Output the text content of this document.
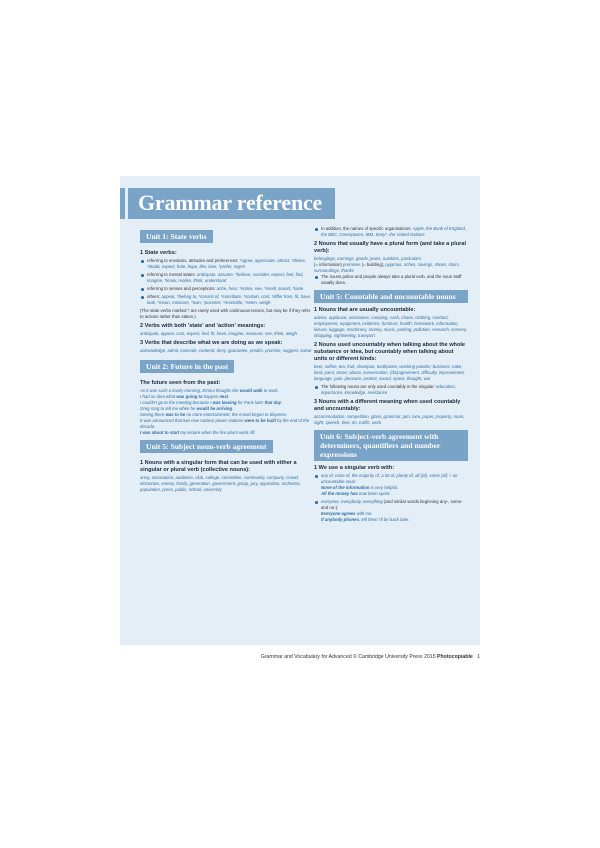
Grammar reference
Unit 1: State verbs
1 State verbs:
referring to emotions, attitudes and preferences: *agree, appreciate, attract, *desire, *doubt, expect, hate, hope, like, love, *prefer, regret
referring to mental states: anticipate, assume, *believe, consider, expect, feel, find, imagine, *know, realise, think, understand
referring to senses and perceptions: ache, hear, *notice, see, *smell, sound, *taste
others: appear, *belong to, *consist of, *constitute, *contain, cost, *differ from, fit, have, look, *mean, measure, *own, *possess, *resemble, *seem, weigh

(The state verbs marked * are rarely used with continuous tenses, but may be if they refer to actions rather than states.)

2 Verbs with both 'state' and 'action' meanings:

anticipate, appear, cost, expect, feel, fit, have, imagine, measure, see, think, weigh

3 Verbs that describe what we are doing as we speak:

acknowledge, admit, concede, contend, deny, guarantee, predict, promise, suggest, swear

Unit 2: Future in the past
The future seen from the past:

As it was such a lovely morning, Emma thought she would walk to work.

I had no idea what was going to happen next.

I couldn't go to the meeting because I was leaving for Paris later that day.

Greg rang to tell me when he would be arriving.

Seeing there was to be no more entertainment, the crowd began to disperse.

It was announced that two new nuclear power stations were to be built by the end of the decade.

I was about to start my lecture when the fire alarm went off.

Unit 5: Subject noun-verb agreement
1 Nouns with a singular form that can be used with either a singular or plural verb (collective nouns):

army, association, audience, club, college, committee, community, company, crowd, electorate, enemy, family, generation, government, group, jury, opposition, orchestra, population, press, public, school, university

In addition, the names of specific organisations: Apple, the Bank of England, the BBC, Greenpeace, IBM, Sony*, the United Nations
2 Nouns that usually have a plural form (and take a plural verb):

belongings, earnings, goods, jeans, outskirts, particulars
(= information) premises (= building), pyjamas, riches, savings, shoes, stairs, surroundings, thanks

The nouns police and people always take a plural verb, and the noun staff usually does.
Unit 5: Countable and uncountable nouns
1 Nouns that are usually uncountable:

advice, applause, assistance, camping, cash, chaos, clothing, conduct, employment, equipment, evidence, furniture, health, homework, information, leisure, luggage, machinery, money, music, parking, pollution, research, scenery, shopping, sightseeing, transport

2 Nouns used uncountably when talking about the whole substance or idea, but countably when talking about units or different kinds:

beer, coffee, tea, fruit, shampoo, toothpaste, washing powder; business, cake, land, paint, stone; abuse, conversation, (dis)agreement, difficulty, improvement, language, pain, pleasure, protest, sound, space, thought, war

The following nouns are only used countably in the singular: education, importance, knowledge, resistance
3 Nouns with a different meaning when used countably and uncountably:

accommodation, competition, glass, grammar, jam, lace, paper, property, room, sight, speech, time, tin, traffic, work

Unit 6: Subject-verb agreement with determiners, quantifiers and number expressions
1 We use a singular verb with:
any of, none of, the majority of, a lot of, plenty of, all (of), some (of) + an uncountable noun:
None of the information is very helpful.
All the money has now been spent.
everyone, everybody, everything (and similar words beginning any-, some- and no-):
Everyone agrees with me.
If anybody phones, tell them I'll be back later.
Grammar and Vocabulary for Advanced © Cambridge University Press 2015 Photocopiable 1
